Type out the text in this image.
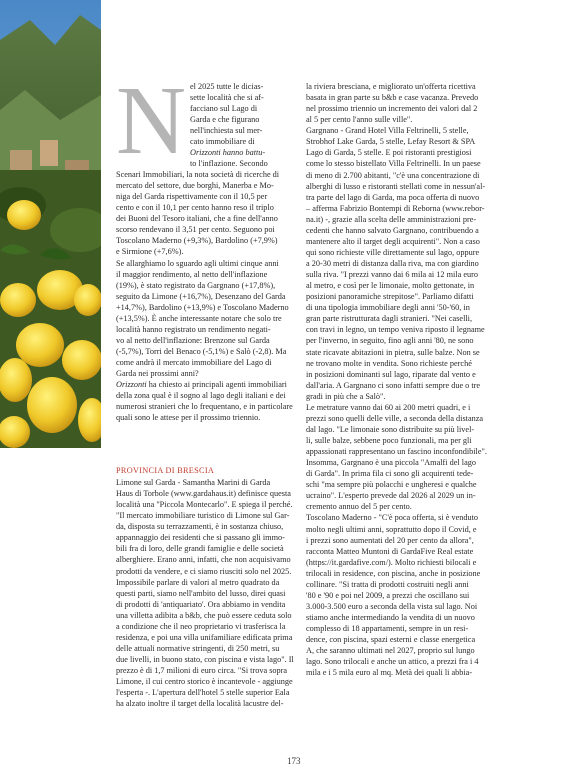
N el 2025 tutte le dicias-

sette località che si af-

facciano sul Lago di

Garda e che figurano

nell'inchiesta sul mer-

cato immobiliare di

Orizzonti hanno battu-

to l'inflazione. Secondo

Scenari Immobiliari, la nota società di ricerche di

mercato del settore, due borghi, Manerba e Mo-

niga del Garda rispettivamente con il 10,5 per

cento e con il 10,1 per cento hanno reso il triplo

dei Buoni del Tesoro italiani, che a fine dell'anno

scorso rendevano il 3,51 per cento. Seguono poi

Toscolano Maderno (+9,3%), Bardolino (+7,9%)

e Sirmione (+7,6%).

Se allarghiamo lo sguardo agli ultimi cinque anni

il maggior rendimento, al netto dell'inflazione

(19%), è stato registrato da Gargnano (+17,8%),

seguito da Limone (+16,7%), Desenzano del Garda

+14,7%), Bardolino (+13,9%) e Toscolano Maderno

(+13,5%). È anche interessante notare che solo tre

località hanno registrato un rendimento negati-

vo al netto dell'inflazione: Brenzone sul Garda

(-5,7%), Torri del Benaco (-5,1%) e Salò (-2,8). Ma

come andrà il mercato immobiliare del Lago di

Garda nei prossimi anni?

Orizzonti ha chiesto ai principali agenti immobiliari

della zona qual è il sogno al lago degli italiani e dei

numerosi stranieri che lo frequentano, e in particolare

quali sono le attese per il prossimo triennio.

PROVINCIA DI BRESCIA

Limone sul Garda - Samantha Marini di Garda

Haus di Torbole (www.gardahaus.it) definisce questa

località una "Piccola Montecarlo". E spiega il perché.

"Il mercato immobiliare turistico di Limone sul Gar-

da, disposta su terrazzamenti, è in sostanza chiuso,

appannaggio dei residenti che si passano gli immo-

bili fra di loro, delle grandi famiglie e delle società

alberghiere. Erano anni, infatti, che non acquisivamo

prodotti da vendere, e ci siamo riusciti solo nel 2025.

Impossibile parlare di valori al metro quadrato da

questi parti, siamo nell'ambito del lusso, direi quasi

di prodotti di 'antiquariato'. Ora abbiamo in vendita

una villetta adibita a b&b, che può essere ceduta solo

a condizione che il neo proprietario vi trasferisca la

residenza, e poi una villa unifamiliare edificata prima

delle attuali normative stringenti, di 250 metri, su

due livelli, in buono stato, con piscina e vista lago". Il

prezzo è di 1,7 milioni di euro circa. "Si trova sopra

Limone, il cui centro storico è incantevole - aggiunge

l'esperta -. L'apertura dell'hotel 5 stelle superior Eala

ha alzato inoltre il target della località lacustre del-

la riviera bresciana, e migliorato un'offerta ricettiva

basata in gran parte su b&b e case vacanza. Prevedo

nel prossimo triennio un incremento dei valori dal 2

al 5 per cento l'anno sulle ville".

Gargnano - Grand Hotel Villa Feltrinelli, 5 stelle,

Strobhof Lake Garda, 5 stelle, Lefay Resort & SPA

Lago di Garda, 5 stelle. E poi ristoranti prestigiosi

come lo stesso bistellato Villa Feltrinelli. In un paese

di meno di 2.700 abitanti, "c'è una concentrazione di

alberghi di lusso e ristoranti stellati come in nessun'al-

tra parte del lago di Garda, ma poca offerta di nuovo

– afferma Fabrizio Bontempi di Reborna (www.rebor-

na.it) -, grazie alla scelta delle amministrazioni pre-

cedenti che hanno salvato Gargnano, contribuendo a

mantenere alto il target degli acquirenti". Non a caso

qui sono richieste ville direttamente sul lago, oppure

a 20-30 metri di distanza dalla riva, ma con giardino

sulla riva. "I prezzi vanno dai 6 mila ai 12 mila euro

al metro, e così per le limonaie, molto gettonate, in

posizioni panoramiche strepitose". Parliamo difatti

di una tipologia immobiliare degli anni '50-'60, in

gran parte ristrutturata dagli stranieri. "Nei caselli,

con travi in legno, un tempo veniva riposto il legname

per l'inverno, in seguito, fino agli anni '80, ne sono

state ricavate abitazioni in pietra, sulle balze. Non se

ne trovano molte in vendita. Sono richieste perché

in posizioni dominanti sul lago, riparate dal vento e

dall'aria. A Gargnano ci sono infatti sempre due o tre

gradi in più che a Salò".

Le metrature vanno dai 60 ai 200 metri quadri, e i

prezzi sono quelli delle ville, a seconda della distanza

dal lago. "Le limonaie sono distribuite su più livel-

li, sulle balze, sebbene poco funzionali, ma per gli

appassionati rappresentano un fascino inconfondibile".

Insomma, Gargnano è una piccola "Amalfi del lago

di Garda". In prima fila ci sono gli acquirenti tede-

schi "ma sempre più polacchi e ungheresi e qualche

ucraino". L'esperto prevede dal 2026 al 2029 un in-

cremento annuo del 5 per cento.

Toscolano Maderno - "C'è poca offerta, si è venduto

molto negli ultimi anni, soprattutto dopo il Covid, e

i prezzi sono aumentati del 20 per cento da allora",

racconta Matteo Muntoni di GardaFive Real estate

(https://it.gardafive.com/). Molto richiesti bilocali e

trilocali in residence, con piscina, anche in posizione

collinare. "Si tratta di prodotti costruiti negli anni

'80 e '90 e poi nel 2009, a prezzi che oscillano sui

3.000-3.500 euro a seconda della vista sul lago. Noi

stiamo anche intermediando la vendita di un nuovo

complesso di 18 appartamenti, sempre in un resi-

dence, con piscina, spazi esterni e classe energetica

A, che saranno ultimati nel 2027, proprio sul lungo

lago. Sono trilocali e anche un attico, a prezzi fra i 4

mila e i 5 mila euro al mq. Metà dei quali li abbia-

173
